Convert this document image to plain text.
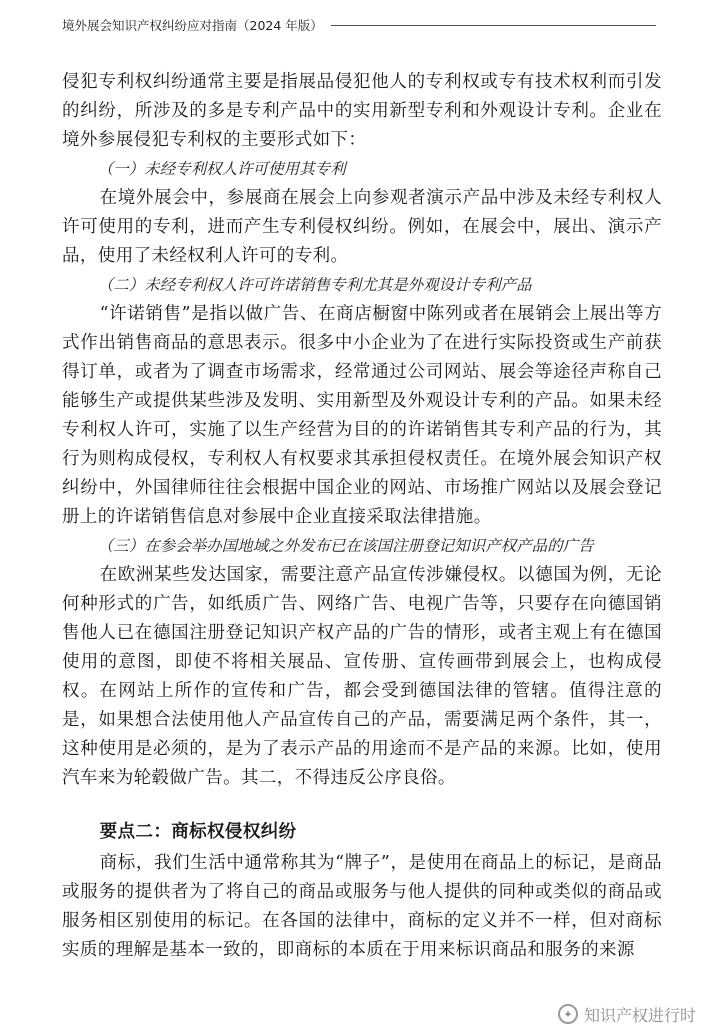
境外展会知识产权纠纷应对指南（2024 年版）

侵犯专利权纠纷通常主要是指展品侵犯他人的专利权或专有技术权利而引发的纠纷，所涉及的多是专利产品中的实用新型专利和外观设计专利。企业在境外参展侵犯专利权的主要形式如下：

（一）未经专利权人许可使用其专利

在境外展会中，参展商在展会上向参观者演示产品中涉及未经专利权人许可使用的专利，进而产生专利侵权纠纷。例如，在展会中，展出、演示产品，使用了未经权利人许可的专利。

（二）未经专利权人许可许诺销售专利尤其是外观设计专利产品

“许诺销售”是指以做广告、在商店橱窗中陈列或者在展销会上展出等方式作出销售商品的意思表示。很多中小企业为了在进行实际投资或生产前获得订单，或者为了调查市场需求，经常通过公司网站、展会等途径声称自己能够生产或提供某些涉及发明、实用新型及外观设计专利的产品。如果未经专利权人许可，实施了以生产经营为目的的许诺销售其专利产品的行为，其行为则构成侵权，专利权人有权要求其承担侵权责任。在境外展会知识产权纠纷中，外国律师往往会根据中国企业的网站、市场推广网站以及展会登记册上的许诺销售信息对参展中企业直接采取法律措施。

（三）在参会举办国地域之外发布已在该国注册登记知识产权产品的广告

在欧洲某些发达国家，需要注意产品宣传涉嫌侵权。以德国为例，无论何种形式的广告，如纸质广告、网络广告、电视广告等，只要存在向德国销售他人已在德国注册登记知识产权产品的广告的情形，或者主观上有在德国使用的意图，即使不将相关展品、宣传册、宣传画带到展会上，也构成侵权。在网站上所作的宣传和广告，都会受到德国法律的管辖。值得注意的是，如果想合法使用他人产品宣传自己的产品，需要满足两个条件，其一，这种使用是必须的，是为了表示产品的用途而不是产品的来源。比如，使用汽车来为轮毂做广告。其二，不得违反公序良俗。

要点二：商标权侵权纠纷

商标，我们生活中通常称其为“牌子”，是使用在商品上的标记，是商品或服务的提供者为了将自己的商品或服务与他人提供的同种或类似的商品或服务相区别使用的标记。在各国的法律中，商标的定义并不一样，但对商标实质的理解是基本一致的，即商标的本质在于用来标识商品和服务的来源

✦ 知识产权进行时
